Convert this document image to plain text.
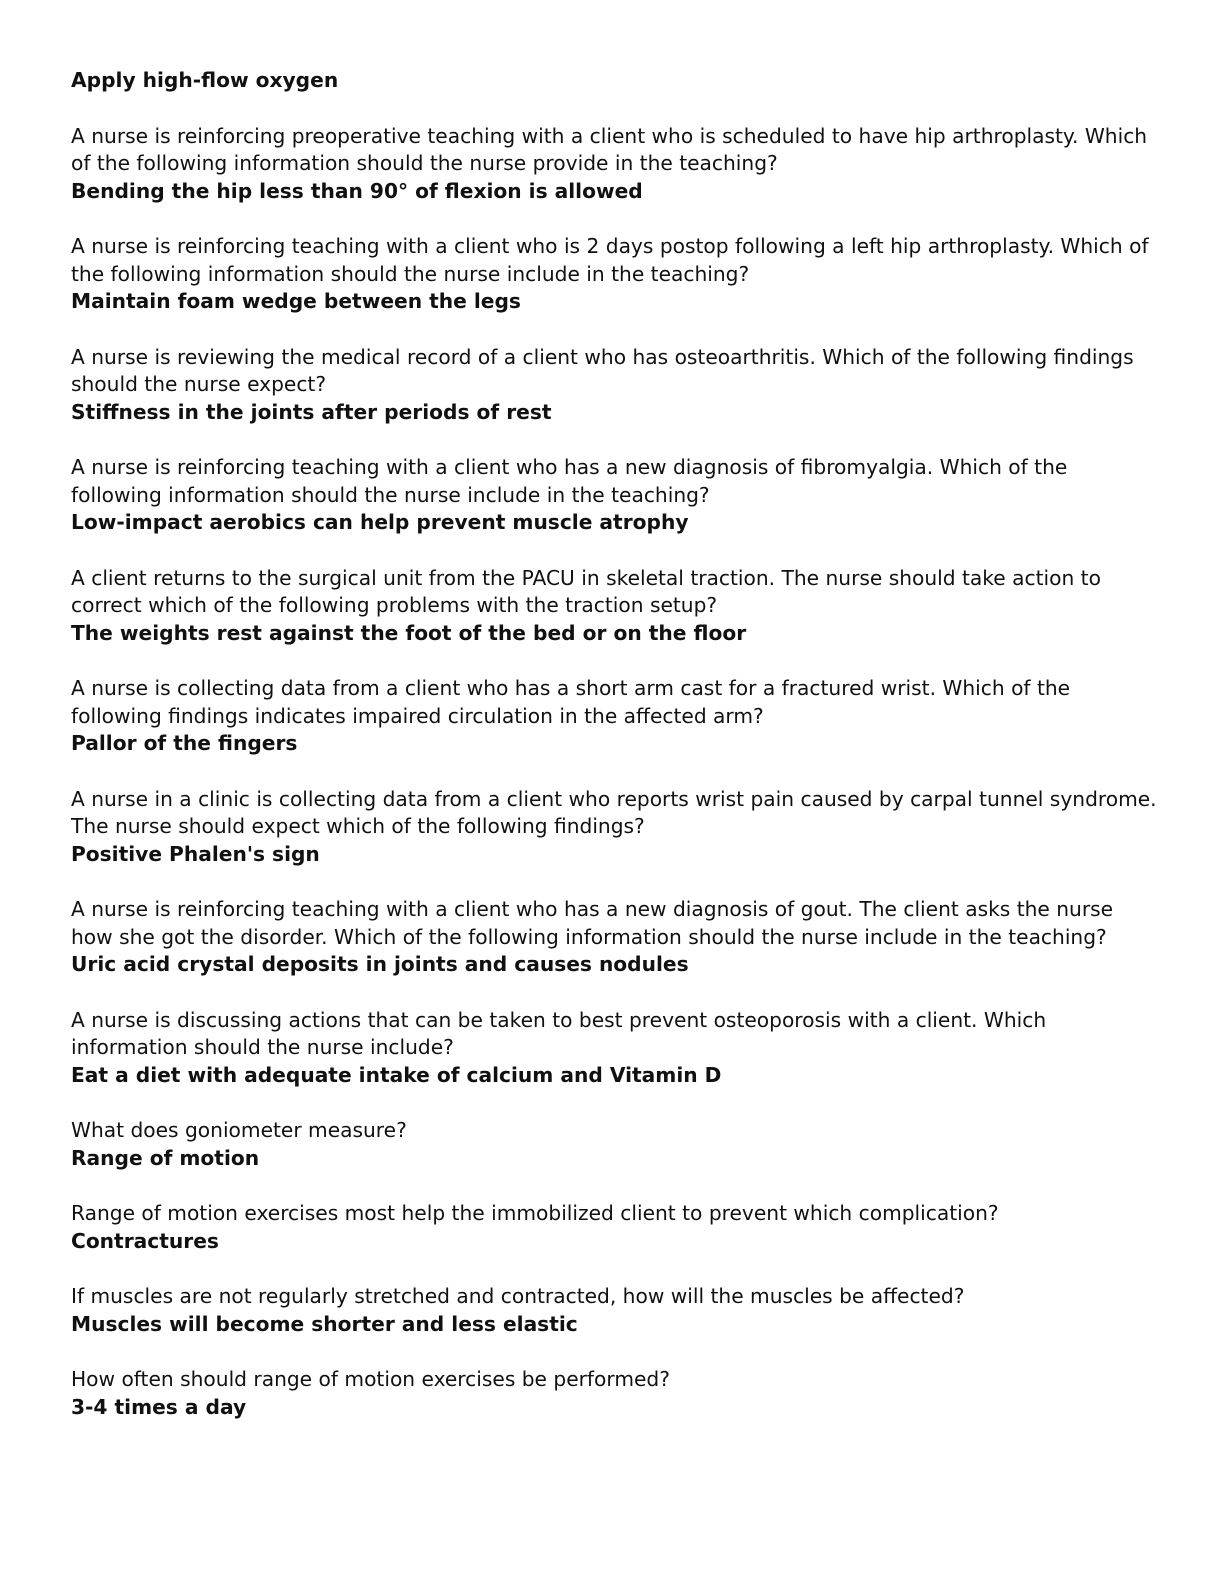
Apply high-flow oxygen

A nurse is reinforcing preoperative teaching with a client who is scheduled to have hip arthroplasty. Which of the following information should the nurse provide in the teaching?

Bending the hip less than 90° of flexion is allowed

A nurse is reinforcing teaching with a client who is 2 days postop following a left hip arthroplasty. Which of the following information should the nurse include in the teaching?

Maintain foam wedge between the legs

A nurse is reviewing the medical record of a client who has osteoarthritis. Which of the following findings should the nurse expect?

Stiffness in the joints after periods of rest

A nurse is reinforcing teaching with a client who has a new diagnosis of fibromyalgia. Which of the following information should the nurse include in the teaching?

Low-impact aerobics can help prevent muscle atrophy

A client returns to the surgical unit from the PACU in skeletal traction. The nurse should take action to correct which of the following problems with the traction setup?

The weights rest against the foot of the bed or on the floor

A nurse is collecting data from a client who has a short arm cast for a fractured wrist. Which of the following findings indicates impaired circulation in the affected arm?

Pallor of the fingers

A nurse in a clinic is collecting data from a client who reports wrist pain caused by carpal tunnel syndrome. The nurse should expect which of the following findings?

Positive Phalen's sign

A nurse is reinforcing teaching with a client who has a new diagnosis of gout. The client asks the nurse how she got the disorder. Which of the following information should the nurse include in the teaching?

Uric acid crystal deposits in joints and causes nodules

A nurse is discussing actions that can be taken to best prevent osteoporosis with a client. Which information should the nurse include?

Eat a diet with adequate intake of calcium and Vitamin D

What does goniometer measure?

Range of motion

Range of motion exercises most help the immobilized client to prevent which complication?

Contractures

If muscles are not regularly stretched and contracted, how will the muscles be affected?

Muscles will become shorter and less elastic

How often should range of motion exercises be performed?

3-4 times a day
